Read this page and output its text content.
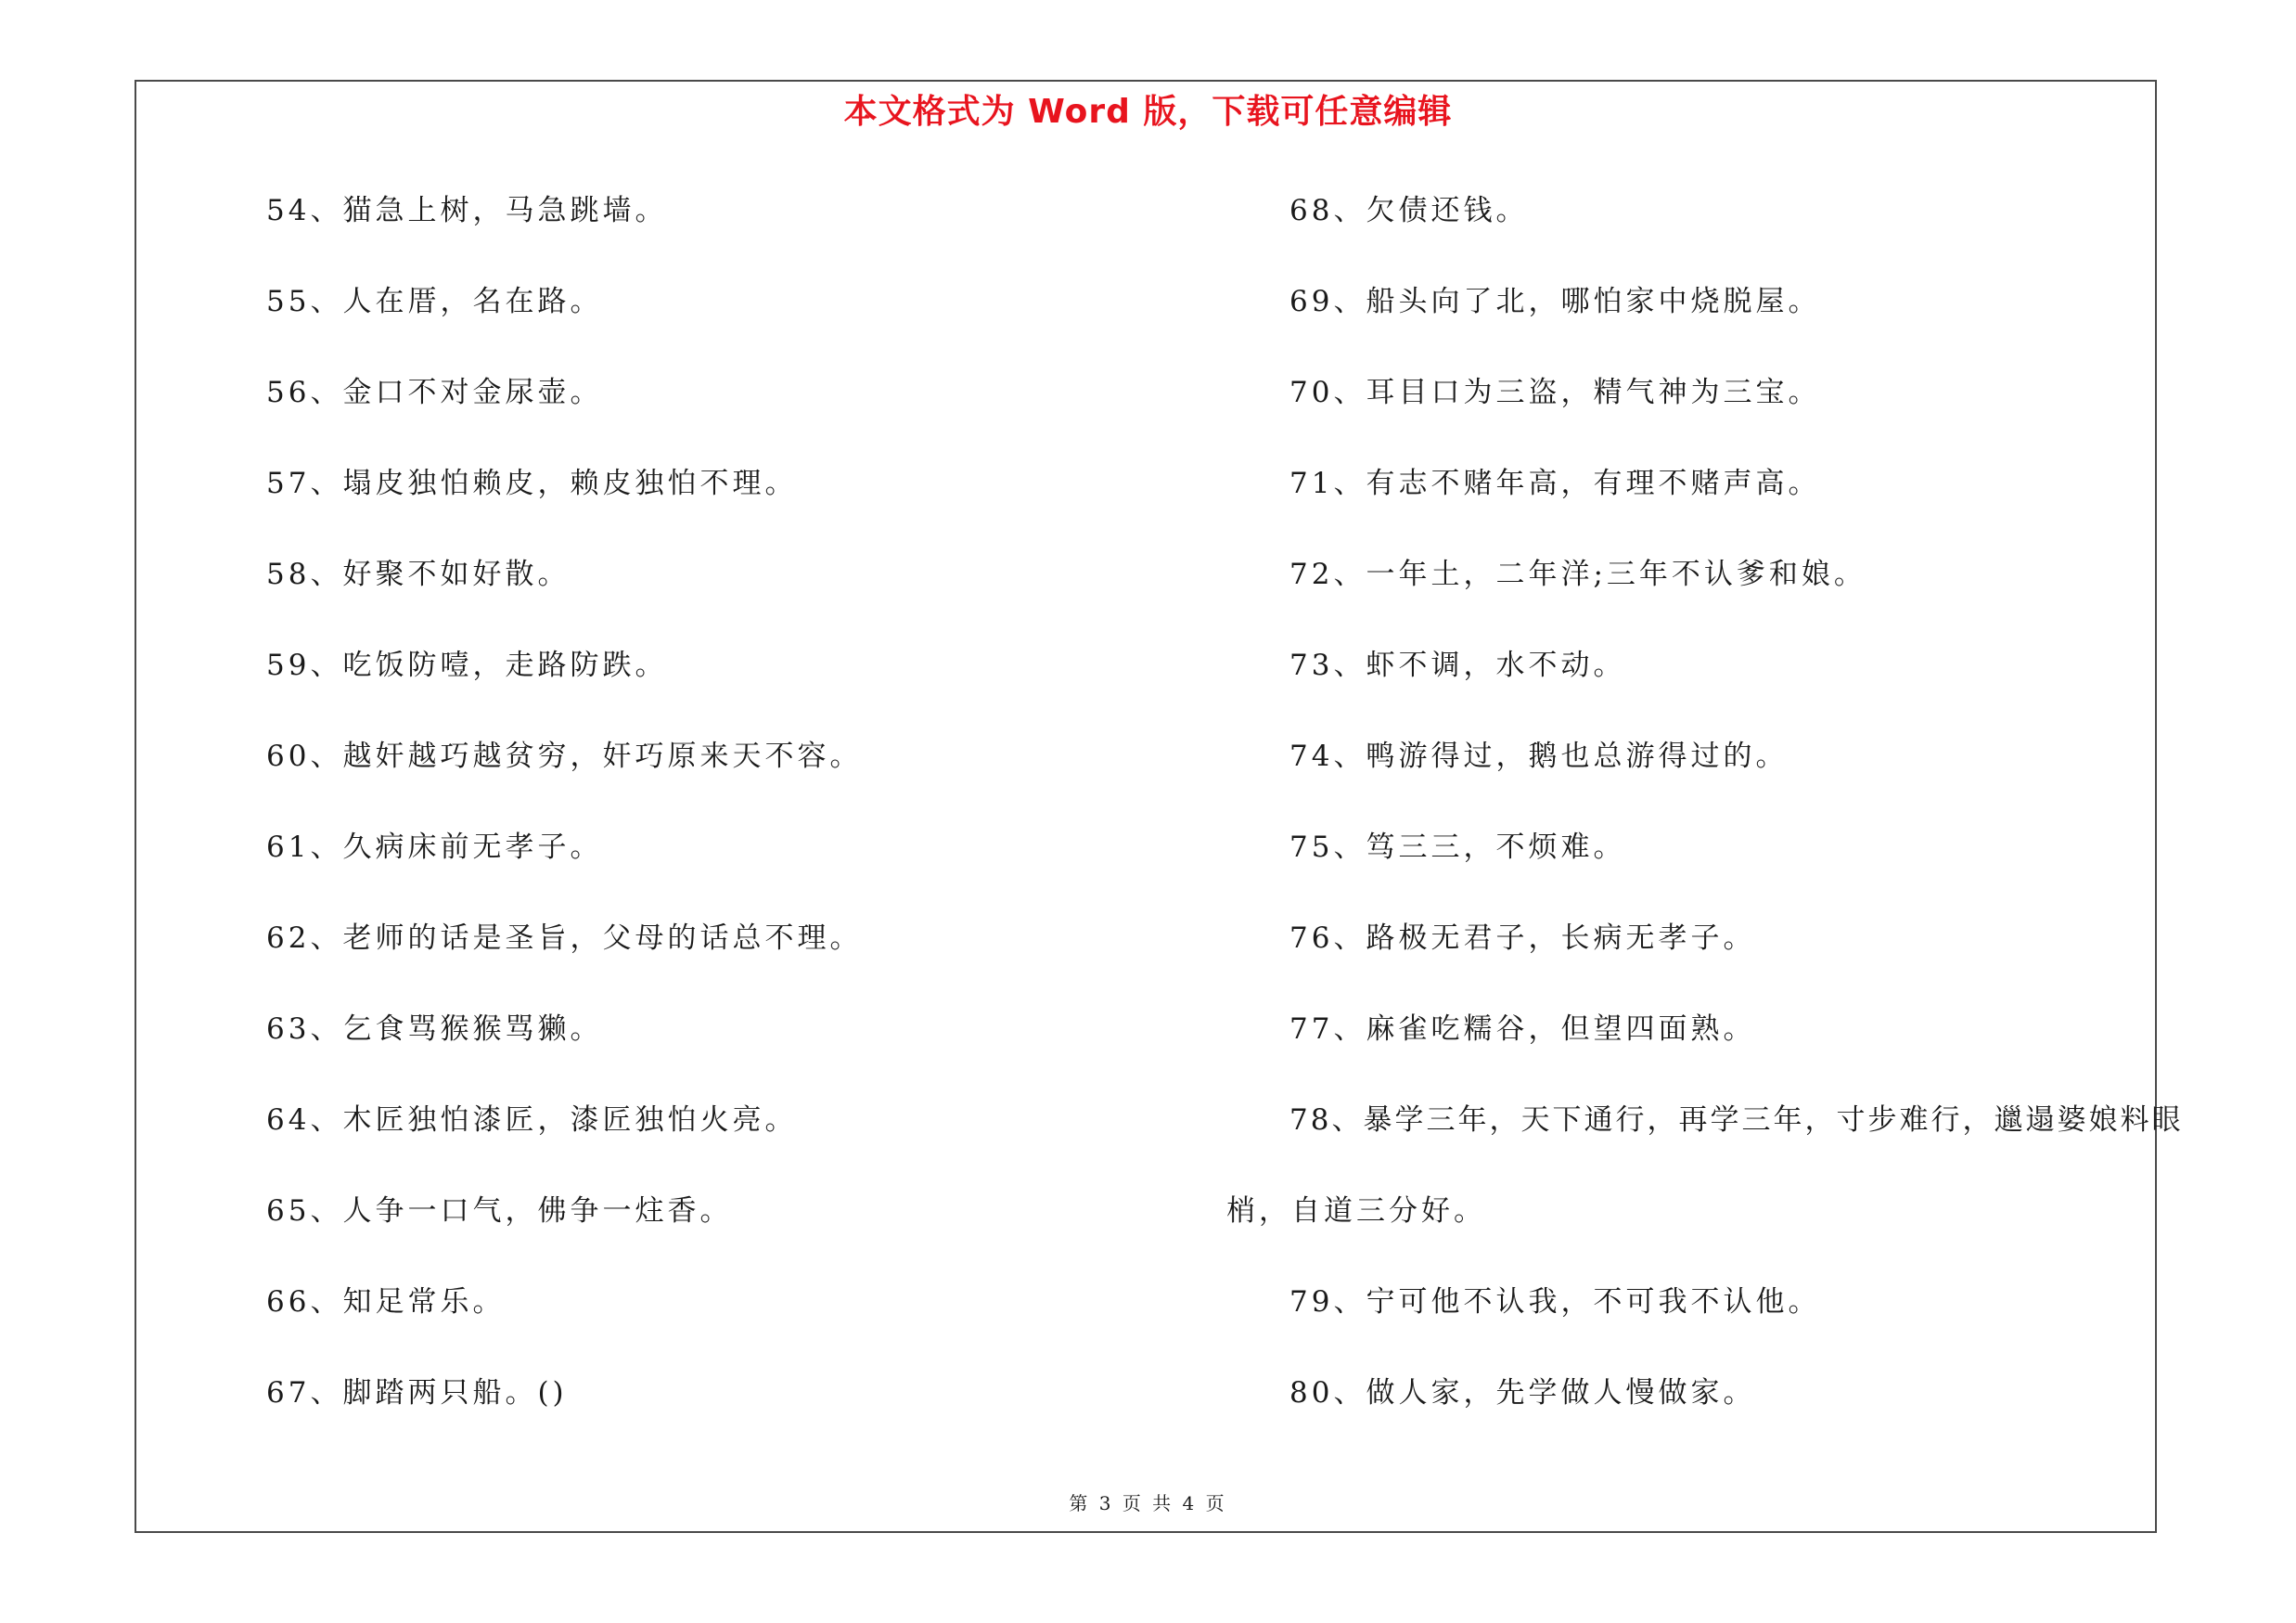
本文格式为 Word 版，下载可任意编辑
54、猫急上树，马急跳墙。
55、人在厝，名在路。
56、金口不对金尿壶。
57、塌皮独怕赖皮，赖皮独怕不理。
58、好聚不如好散。
59、吃饭防噎，走路防跌。
60、越奸越巧越贫穷，奸巧原来天不容。
61、久病床前无孝子。
62、老师的话是圣旨，父母的话总不理。
63、乞食骂猴猴骂獭。
64、木匠独怕漆匠，漆匠独怕火亮。
65、人争一口气，佛争一炷香。
66、知足常乐。
67、脚踏两只船。()
68、欠债还钱。
69、船头向了北，哪怕家中烧脱屋。
70、耳目口为三盗，精气神为三宝。
71、有志不赌年高，有理不赌声高。
72、一年土，二年洋;三年不认爹和娘。
73、虾不调，水不动。
74、鸭游得过，鹅也总游得过的。
75、笃三三，不烦难。
76、路极无君子，长病无孝子。
77、麻雀吃糯谷，但望四面熟。
78、暴学三年，天下通行，再学三年，寸步难行，邋遢婆娘料眼
梢，自道三分好。
79、宁可他不认我，不可我不认他。
80、做人家，先学做人慢做家。
第 3 页 共 4 页
